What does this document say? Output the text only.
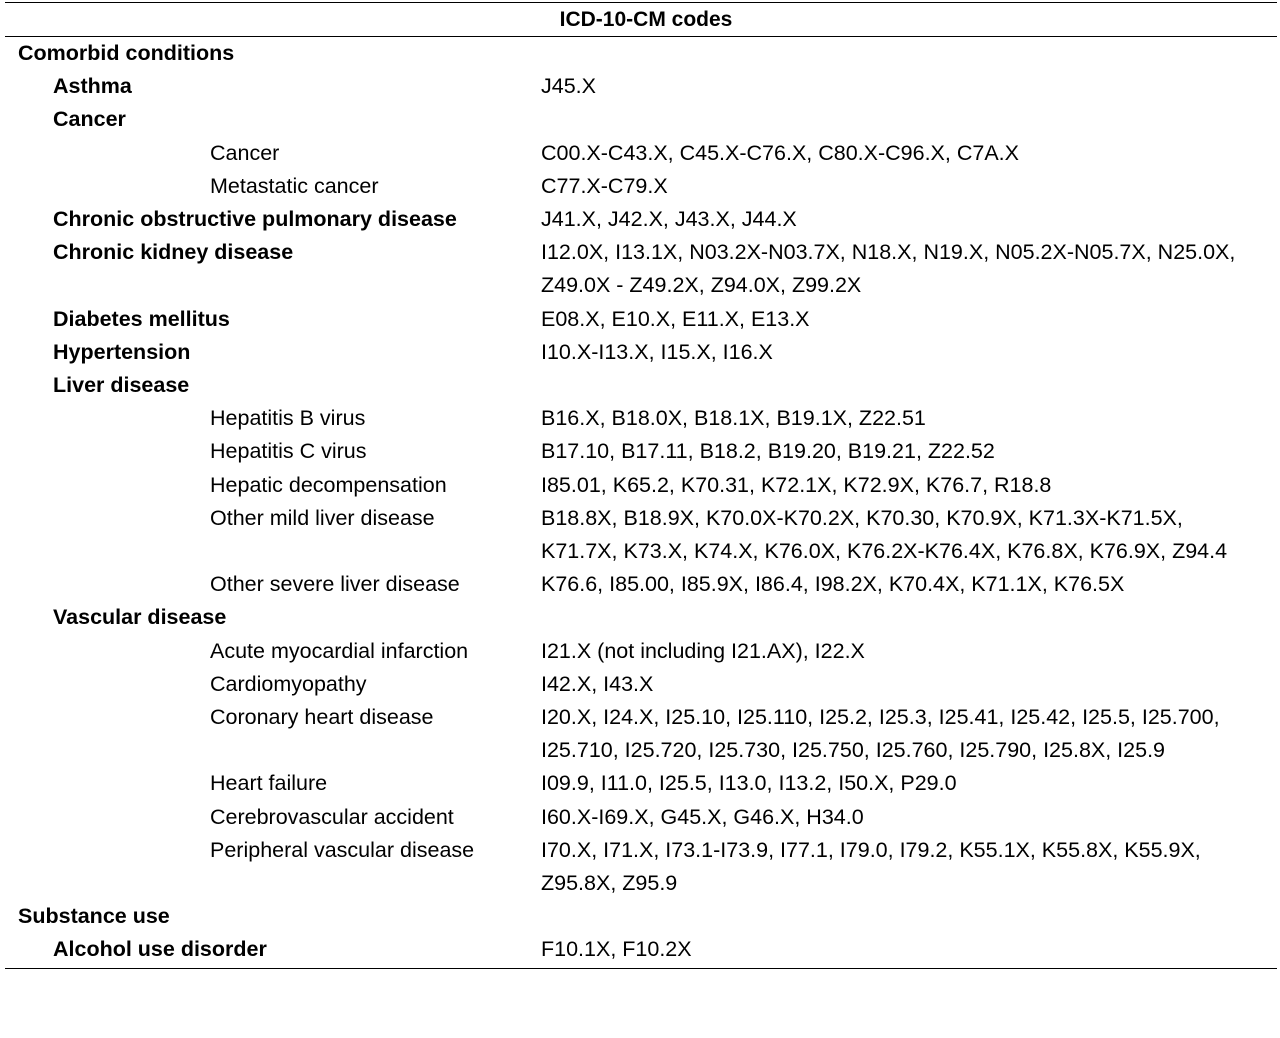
ICD-10-CM codes
Comorbid conditions
Asthma	J45.X
Cancer
Cancer	C00.X-C43.X, C45.X-C76.X, C80.X-C96.X, C7A.X
Metastatic cancer	C77.X-C79.X
Chronic obstructive pulmonary disease	J41.X, J42.X, J43.X, J44.X
Chronic kidney disease	I12.0X, I13.1X, N03.2X-N03.7X, N18.X, N19.X, N05.2X-N05.7X, N25.0X, Z49.0X - Z49.2X, Z94.0X, Z99.2X
Diabetes mellitus	E08.X, E10.X, E11.X, E13.X
Hypertension	I10.X-I13.X, I15.X, I16.X
Liver disease
Hepatitis B virus	B16.X, B18.0X, B18.1X, B19.1X, Z22.51
Hepatitis C virus	B17.10, B17.11, B18.2, B19.20, B19.21, Z22.52
Hepatic decompensation	I85.01, K65.2, K70.31, K72.1X, K72.9X, K76.7, R18.8
Other mild liver disease	B18.8X, B18.9X, K70.0X-K70.2X, K70.30, K70.9X, K71.3X-K71.5X, K71.7X, K73.X, K74.X, K76.0X, K76.2X-K76.4X, K76.8X, K76.9X, Z94.4
Other severe liver disease	K76.6, I85.00, I85.9X, I86.4, I98.2X, K70.4X, K71.1X, K76.5X
Vascular disease
Acute myocardial infarction	I21.X (not including I21.AX), I22.X
Cardiomyopathy	I42.X, I43.X
Coronary heart disease	I20.X, I24.X, I25.10, I25.110, I25.2, I25.3, I25.41, I25.42, I25.5, I25.700, I25.710, I25.720, I25.730, I25.750, I25.760, I25.790, I25.8X, I25.9
Heart failure	I09.9, I11.0, I25.5, I13.0, I13.2, I50.X, P29.0
Cerebrovascular accident	I60.X-I69.X, G45.X, G46.X, H34.0
Peripheral vascular disease	I70.X, I71.X, I73.1-I73.9, I77.1, I79.0, I79.2, K55.1X, K55.8X, K55.9X, Z95.8X, Z95.9
Substance use
Alcohol use disorder	F10.1X, F10.2X
